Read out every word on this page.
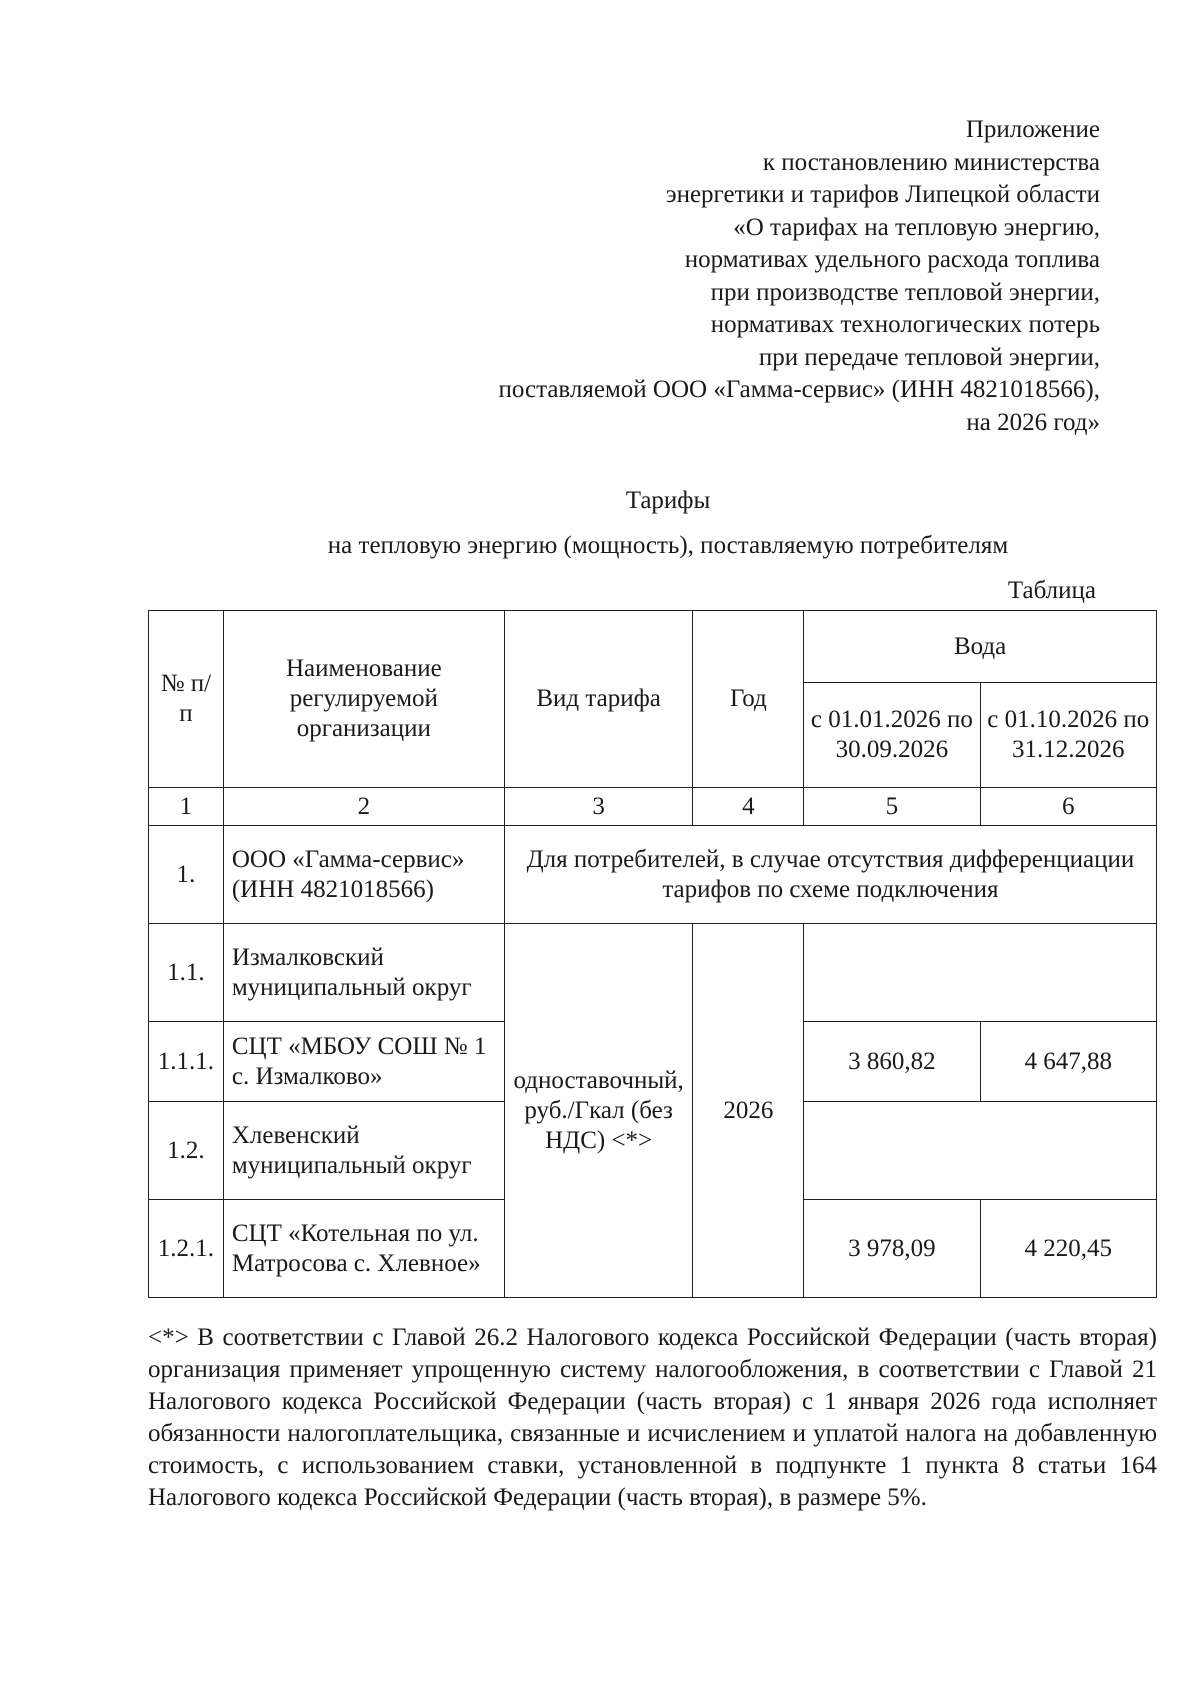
Приложение
к постановлению министерства
энергетики и тарифов Липецкой области
«О тарифах на тепловую энергию,
нормативах удельного расхода топлива
при производстве тепловой энергии,
нормативах технологических потерь
при передаче тепловой энергии,
поставляемой ООО «Гамма-сервис» (ИНН 4821018566),
на 2026 год»
Тарифы
на тепловую энергию (мощность), поставляемую потребителям
Таблица
№ п/п	Наименование регулируемой организации	Вид тарифа	Год	Вода	
				с 01.01.2026 по 30.09.2026	с 01.10.2026 по 31.12.2026
1	2	3	4	5	6
1.	ООО «Гамма-сервис» (ИНН 4821018566)	Для потребителей, в случае отсутствия дифференциации тарифов по схеме подключения			
1.1.	Измалковский муниципальный округ	одноставочный, руб./Гкал (без НДС) <*>	2026		
1.1.1.	СЦТ «МБОУ СОШ № 1 с. Измалково»			3 860,82	4 647,88
1.2.	Хлевенский муниципальный округ				
1.2.1.	СЦТ «Котельная по ул. Матросова с. Хлевное»			3 978,09	4 220,45
<*> В соответствии с Главой 26.2 Налогового кодекса Российской Федерации (часть вторая) организация применяет упрощенную систему налогообложения, в соответствии с Главой 21 Налогового кодекса Российской Федерации (часть вторая) с 1 января 2026 года исполняет обязанности налогоплательщика, связанные и исчислением и уплатой налога на добавленную стоимость, с использованием ставки, установленной в подпункте 1 пункта 8 статьи 164 Налогового кодекса Российской Федерации (часть вторая), в размере 5%.
